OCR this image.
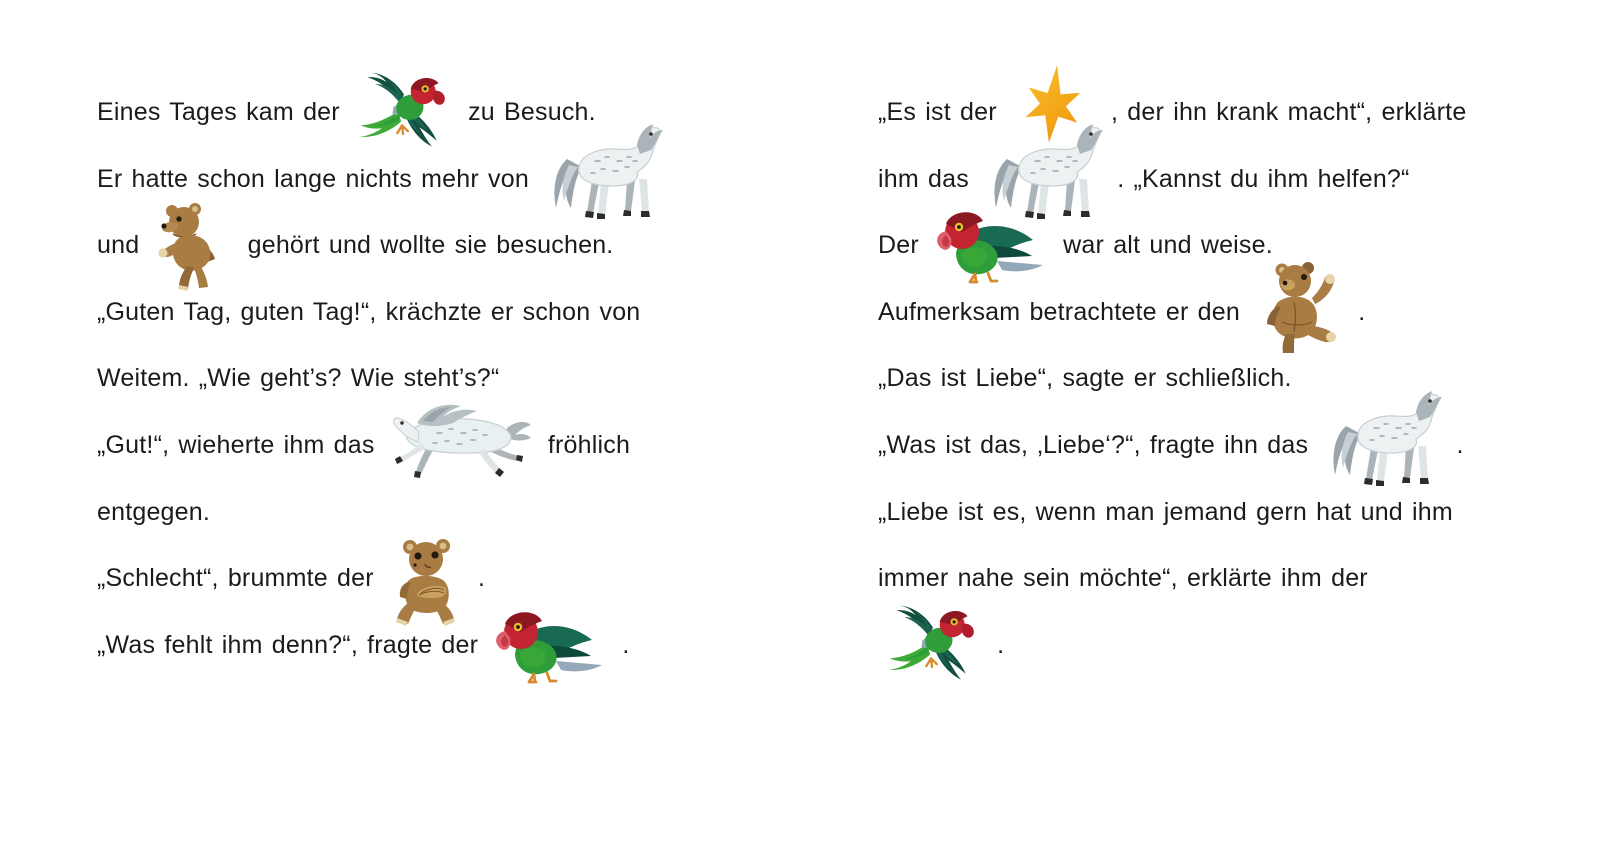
Eines Tages kam der	zu Besuch.
Er hatte schon lange nichts mehr von
und	gehört und wollte sie besuchen.
„Guten Tag, guten Tag!“, krächzte er schon von
Weitem. „Wie geht’s? Wie steht’s?“
„Gut!“, wieherte ihm das	fröhlich
entgegen.
„Schlecht“, brummte der	.
„Was fehlt ihm denn?“, fragte der	.
„Es ist der	, der ihn krank macht“, erklärte
ihm das	. „Kannst du ihm helfen?“
Der	war alt und weise.
Aufmerksam betrachtete er den	.
„Das ist Liebe“, sagte er schließlich.
„Was ist das, ‚Liebe‘?“, fragte ihn das	.
„Liebe ist es, wenn man jemand gern hat und ihm
immer nahe sein möchte“, erklärte ihm der
.
